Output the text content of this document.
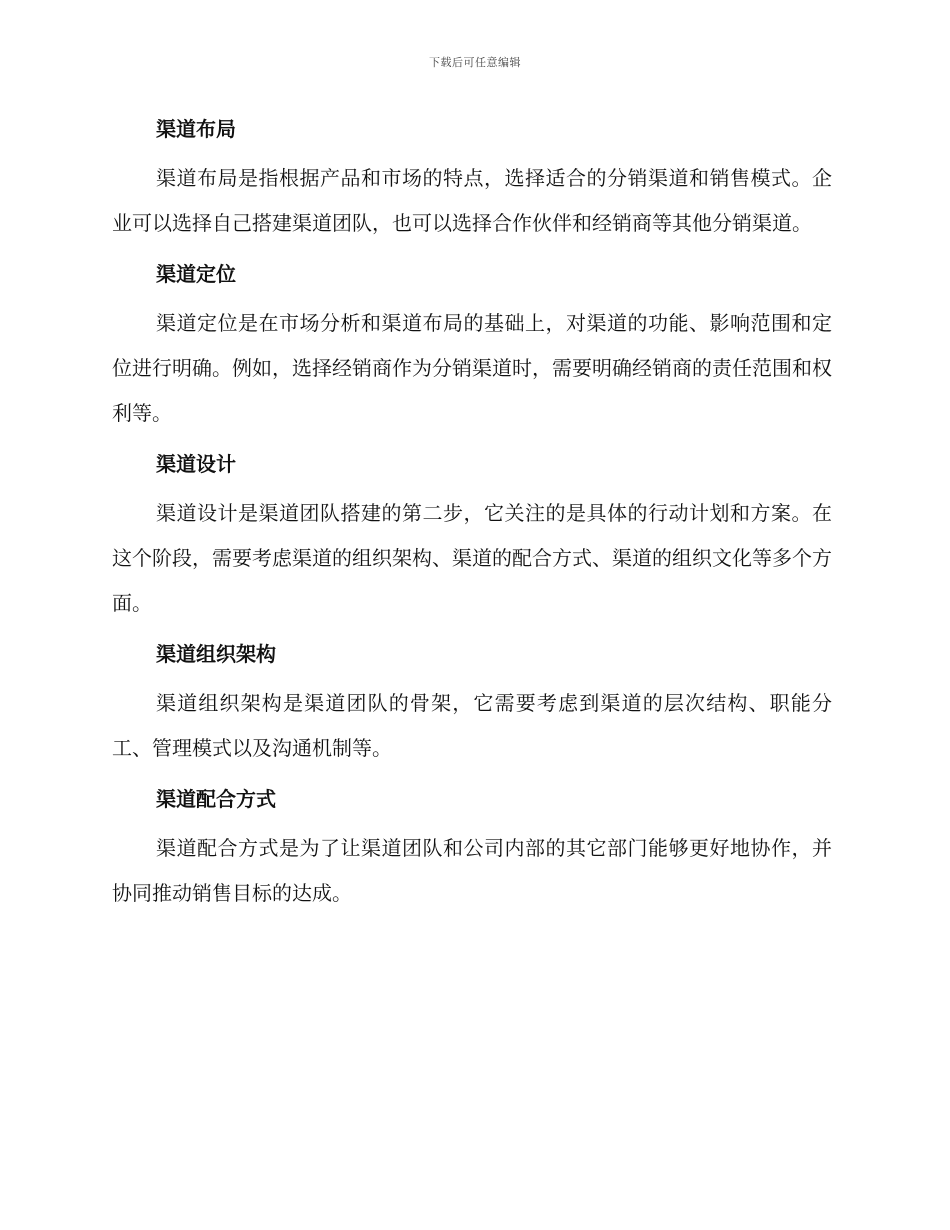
下载后可任意编辑
渠道布局

渠道布局是指根据产品和市场的特点，选择适合的分销渠道和销售模式。企业可以选择自己搭建渠道团队，也可以选择合作伙伴和经销商等其他分销渠道。

渠道定位

渠道定位是在市场分析和渠道布局的基础上，对渠道的功能、影响范围和定位进行明确。例如，选择经销商作为分销渠道时，需要明确经销商的责任范围和权利等。

渠道设计

渠道设计是渠道团队搭建的第二步，它关注的是具体的行动计划和方案。在这个阶段，需要考虑渠道的组织架构、渠道的配合方式、渠道的组织文化等多个方面。

渠道组织架构

渠道组织架构是渠道团队的骨架，它需要考虑到渠道的层次结构、职能分工、管理模式以及沟通机制等。

渠道配合方式

渠道配合方式是为了让渠道团队和公司内部的其它部门能够更好地协作，并协同推动销售目标的达成。
